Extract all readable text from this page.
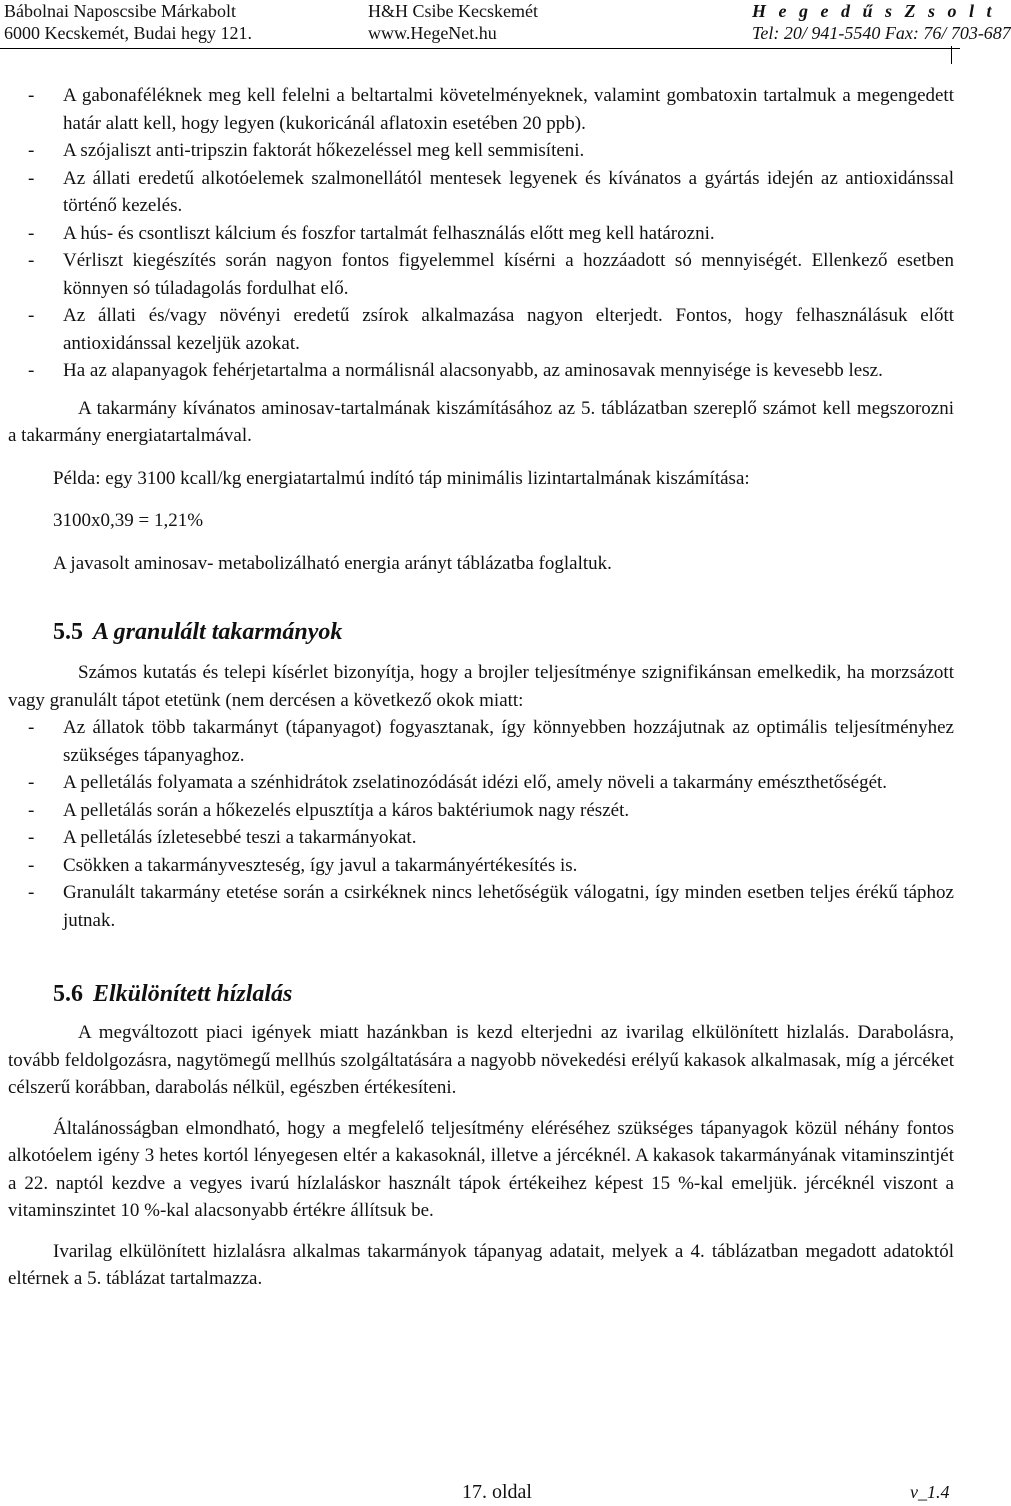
Bábolnai Naposcsibe Márkabolt
6000 Kecskemét, Budai hegy 121.
H&H Csibe Kecskemét
www.HegeNet.hu
H e g e d ű s Z s o l t
Tel: 20/ 941-5540 Fax: 76/ 703-687
- A gabonaféléknek meg kell felelni a beltartalmi követelményeknek, valamint gombatoxin tartalmuk a megengedett határ alatt kell, hogy legyen (kukoricánál aflatoxin esetében 20 ppb).
- A szójaliszt anti-tripszin faktorát hőkezeléssel meg kell semmisíteni.
- Az állati eredetű alkotóelemek szalmonellától mentesek legyenek és kívánatos a gyártás idején az antioxidánssal történő kezelés.
- A hús- és csontliszt kálcium és foszfor tartalmát felhasználás előtt meg kell határozni.
- Vérliszt kiegészítés során nagyon fontos figyelemmel kísérni a hozzáadott só mennyiségét. Ellenkező esetben könnyen só túladagolás fordulhat elő.
- Az állati és/vagy növényi eredetű zsírok alkalmazása nagyon elterjedt. Fontos, hogy felhasználásuk előtt antioxidánssal kezeljük azokat.
- Ha az alapanyagok fehérjetartalma a normálisnál alacsonyabb, az aminosavak mennyisége is kevesebb lesz.

A takarmány kívánatos aminosav-tartalmának kiszámításához az 5. táblázatban szereplő számot kell megszorozni a takarmány energiatartalmával.

Példa: egy 3100 kcall/kg energiatartalmú indító táp minimális lizintartalmának kiszámítása:

3100x0,39 = 1,21%

A javasolt aminosav- metabolizálható energia arányt táblázatba foglaltuk.

5.5 A granulált takarmányok

Számos kutatás és telepi kísérlet bizonyítja, hogy a brojler teljesítménye szignifikánsan emelkedik, ha morzsázott vagy granulált tápot etetünk (nem dercésen a következő okok miatt:

- Az állatok több takarmányt (tápanyagot) fogyasztanak, így könnyebben hozzájutnak az optimális teljesítményhez szükséges tápanyaghoz.
- A pelletálás folyamata a szénhidrátok zselatinozódását idézi elő, amely növeli a takarmány emészthetőségét.
- A pelletálás során a hőkezelés elpusztítja a káros baktériumok nagy részét.
- A pelletálás ízletesebbé teszi a takarmányokat.
- Csökken a takarmányveszteség, így javul a takarmányértékesítés is.
- Granulált takarmány etetése során a csirkéknek nincs lehetőségük válogatni, így minden esetben teljes érékű táphoz jutnak.
5.6 Elkülönített hízlalás

A megváltozott piaci igények miatt hazánkban is kezd elterjedni az ivarilag elkülönített hizlalás. Darabolásra, tovább feldolgozásra, nagytömegű mellhús szolgáltatására a nagyobb növekedési erélyű kakasok alkalmasak, míg a jércéket célszerű korábban, darabolás nélkül, egészben értékesíteni.

Általánosságban elmondható, hogy a megfelelő teljesítmény eléréséhez szükséges tápanyagok közül néhány fontos alkotóelem igény 3 hetes kortól lényegesen eltér a kakasoknál, illetve a jércéknél. A kakasok takarmányának vitaminszintjét a 22. naptól kezdve a vegyes ivarú hízlaláskor használt tápok értékeihez képest 15 %-kal emeljük. jércéknél viszont a vitaminszintet 10 %-kal alacsonyabb értékre állítsuk be.

Ivarilag elkülönített hizlalásra alkalmas takarmányok tápanyag adatait, melyek a 4. táblázatban megadott adatoktól eltérnek a 5. táblázat tartalmazza.

17. oldal	v_1.4
